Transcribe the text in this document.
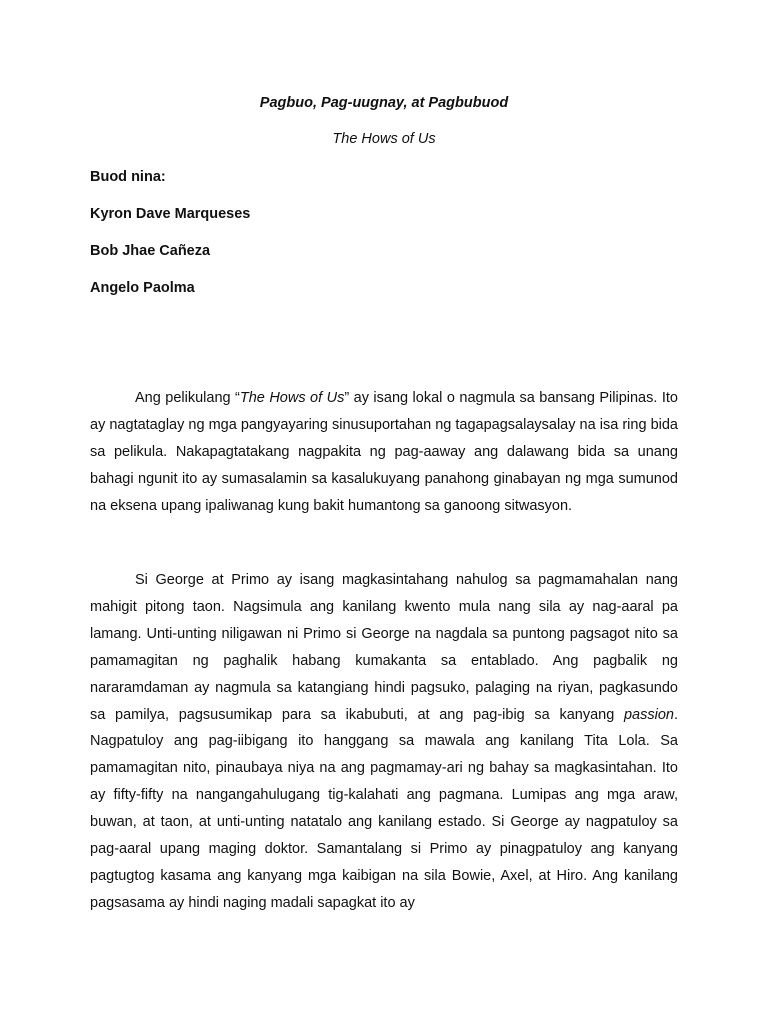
Pagbuo, Pag-uugnay, at Pagbubuod
The Hows of Us
Buod nina:
Kyron Dave Marqueses
Bob Jhae Cañeza
Angelo Paolma

Ang pelikulang “The Hows of Us” ay isang lokal o nagmula sa bansang Pilipinas. Ito ay nagtataglay ng mga pangyayaring sinusuportahan ng tagapagsalaysalay na isa ring bida sa pelikula. Nakapagtatakang nagpakita ng pag-aaway ang dalawang bida sa unang bahagi ngunit ito ay sumasalamin sa kasalukuyang panahong ginabayan ng mga sumunod na eksena upang ipaliwanag kung bakit humantong sa ganoong sitwasyon.

Si George at Primo ay isang magkasintahang nahulog sa pagmamahalan nang mahigit pitong taon. Nagsimula ang kanilang kwento mula nang sila ay nag-aaral pa lamang. Unti-unting niligawan ni Primo si George na nagdala sa puntong pagsagot nito sa pamamagitan ng paghalik habang kumakanta sa entablado. Ang pagbalik ng nararamdaman ay nagmula sa katangiang hindi pagsuko, palaging na riyan, pagkasundo sa pamilya, pagsusumikap para sa ikabubuti, at ang pag-ibig sa kanyang passion. Nagpatuloy ang pag-iibigang ito hanggang sa mawala ang kanilang Tita Lola. Sa pamamagitan nito, pinaubaya niya na ang pagmamay-ari ng bahay sa magkasintahan. Ito ay fifty-fifty na nangangahulugang tig-kalahati ang pagmana. Lumipas ang mga araw, buwan, at taon, at unti-unting natatalo ang kanilang estado. Si George ay nagpatuloy sa pag-aaral upang maging doktor. Samantalang si Primo ay pinagpatuloy ang kanyang pagtugtog kasama ang kanyang mga kaibigan na sila Bowie, Axel, at Hiro. Ang kanilang pagsasama ay hindi naging madali sapagkat ito ay
